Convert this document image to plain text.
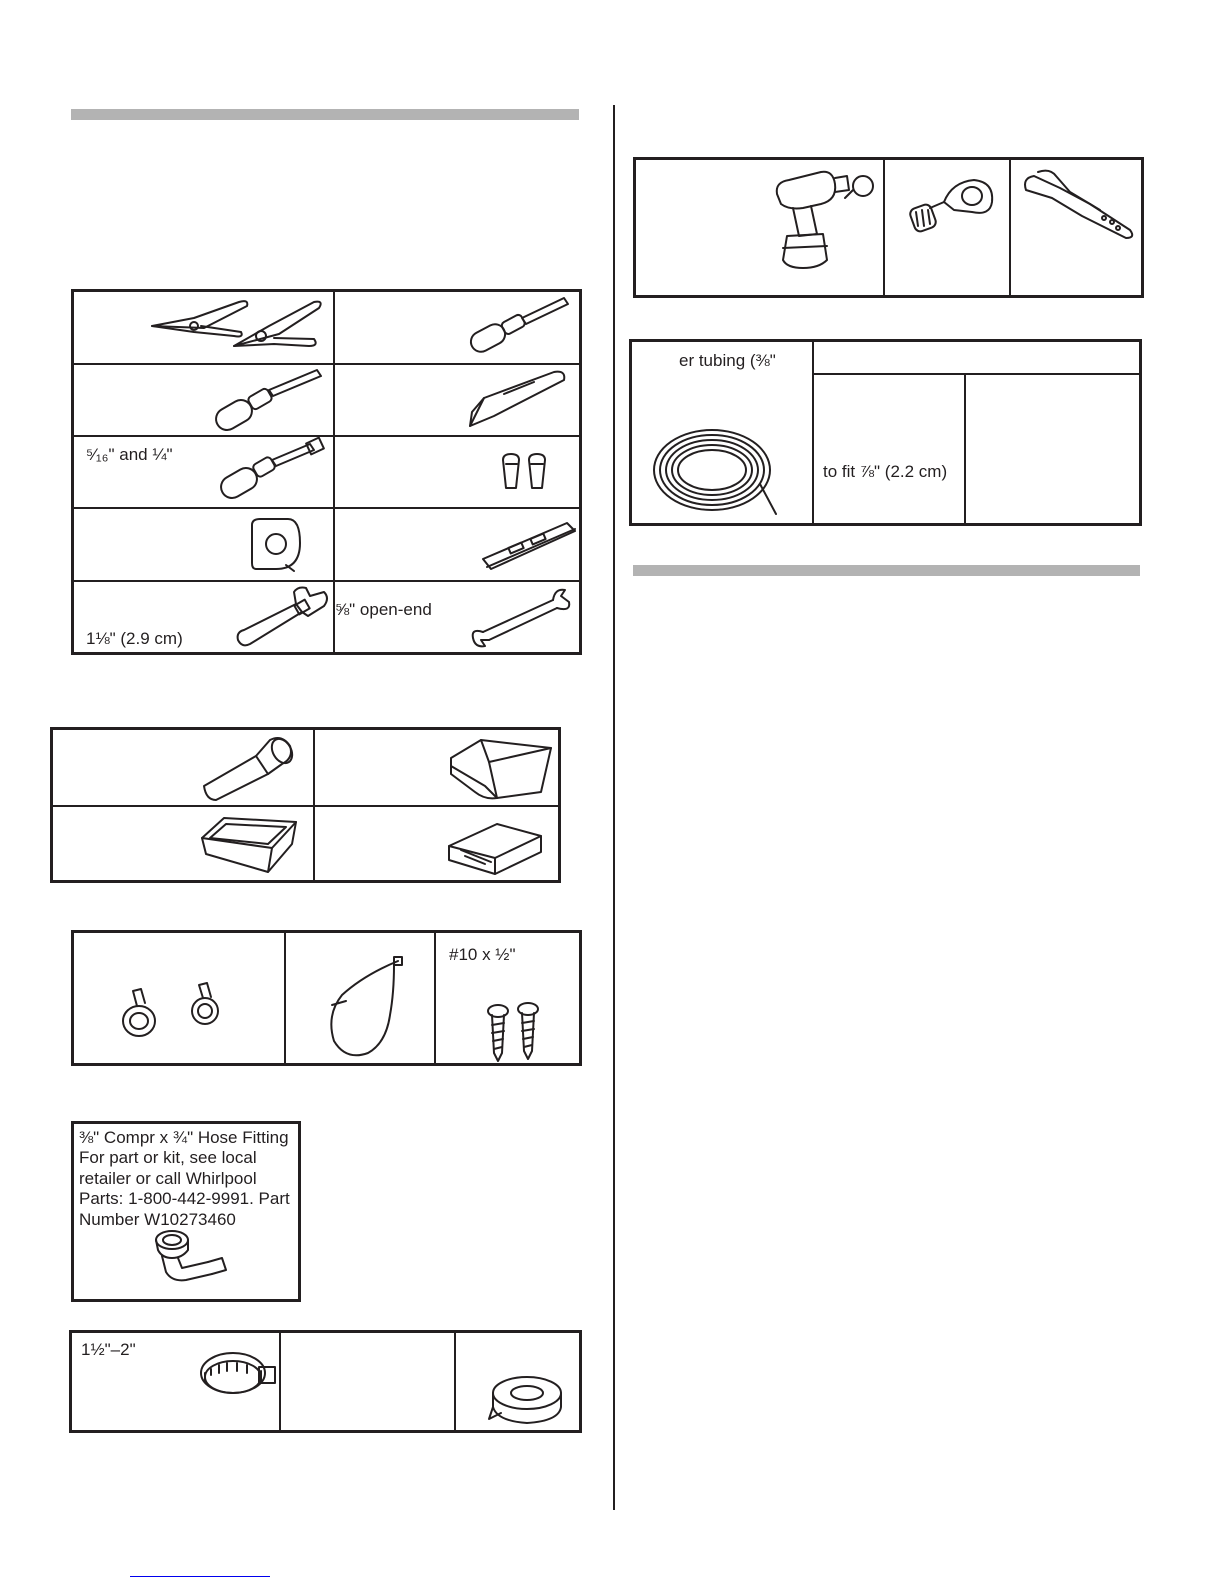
⁵⁄₁₆" and ¼"
1⅛" (2.9 cm)
⅝" open-end
#10 x ½"
⅜" Compr x ¾" Hose Fitting For part or kit, see local retailer or call Whirlpool Parts: 1-800-442-9991. Part Number W10273460
1½"–2"
er tubing (⅜"
to fit ⅞" (2.2 cm)
